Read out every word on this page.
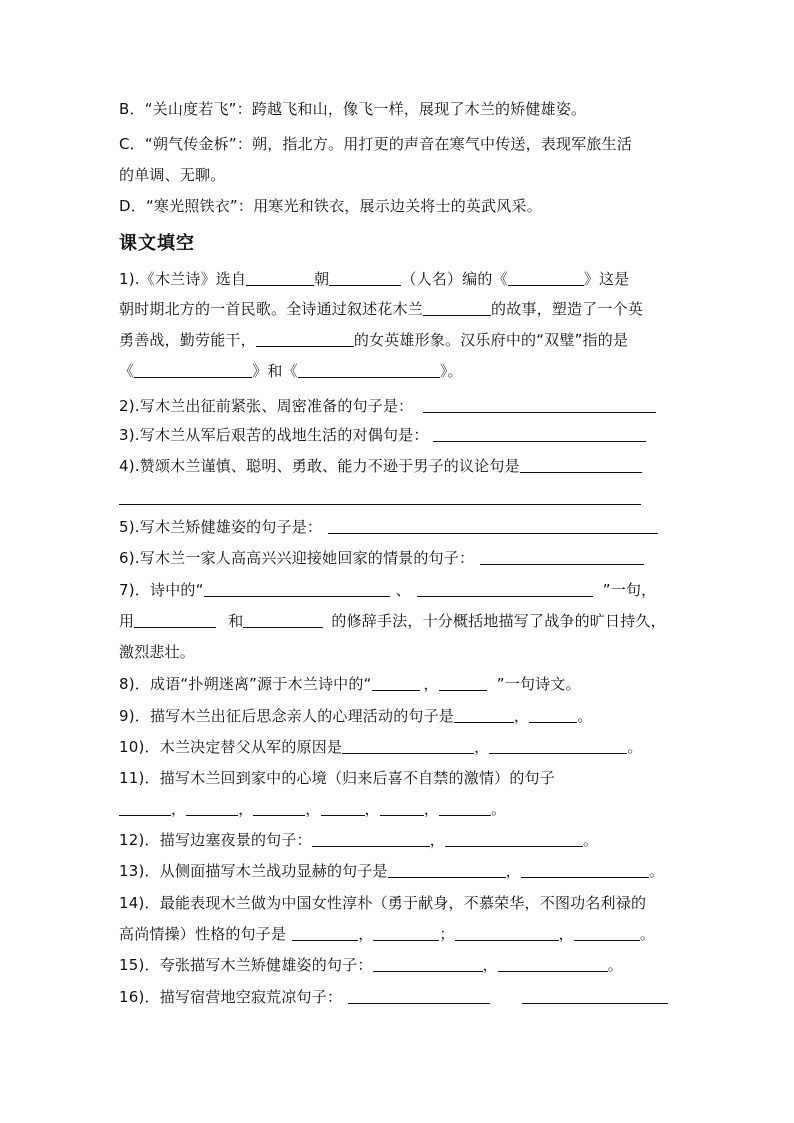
B．“关山度若飞”：跨越飞和山，像飞一样，展现了木兰的矫健雄姿。
C．“朔气传金柝”：朔，指北方。用打更的声音在寒气中传送，表现军旅生活
的单调、无聊。
D．“寒光照铁衣”：用寒光和铁衣，展示边关将士的英武风采。
课文填空
1).《木兰诗》选自	朝	（人名）编的《	》这是
朝时期北方的一首民歌。全诗通过叙述花木兰	的故事，塑造了一个英
勇善战，勤劳能干，	的女英雄形象。汉乐府中的“双璧”指的是
《	》和《	》。
2).写木兰出征前紧张、周密准备的句子是：
3).写木兰从军后艰苦的战地生活的对偶句是：
4).赞颂木兰谨慎、聪明、勇敢、能力不逊于男子的议论句是
5).写木兰矫健雄姿的句子是：
6).写木兰一家人高高兴兴迎接她回家的情景的句子：
7)．诗中的“	、	”一句，
用	和	的修辞手法，十分概括地描写了战争的旷日持久，
激烈悲壮。
8)．成语“扑朔迷离”源于木兰诗中的“	，	”一句诗文。
9)．描写木兰出征后思念亲人的心理活动的句子是	，	。
10)．木兰决定替父从军的原因是	，	。
11)．描写木兰回到家中的心境（归来后喜不自禁的激情）的句子
，	，	，	，	，	。
12)．描写边塞夜景的句子：	，	。
13)．从侧面描写木兰战功显赫的句子是	，	。
14)．最能表现木兰做为中国女性淳朴（勇于献身，不慕荣华，不图功名利禄的
高尚情操）性格的句子是	，	；	，	。
15)．夸张描写木兰矫健雄姿的句子：	，	。
16)．描写宿营地空寂荒凉句子：
